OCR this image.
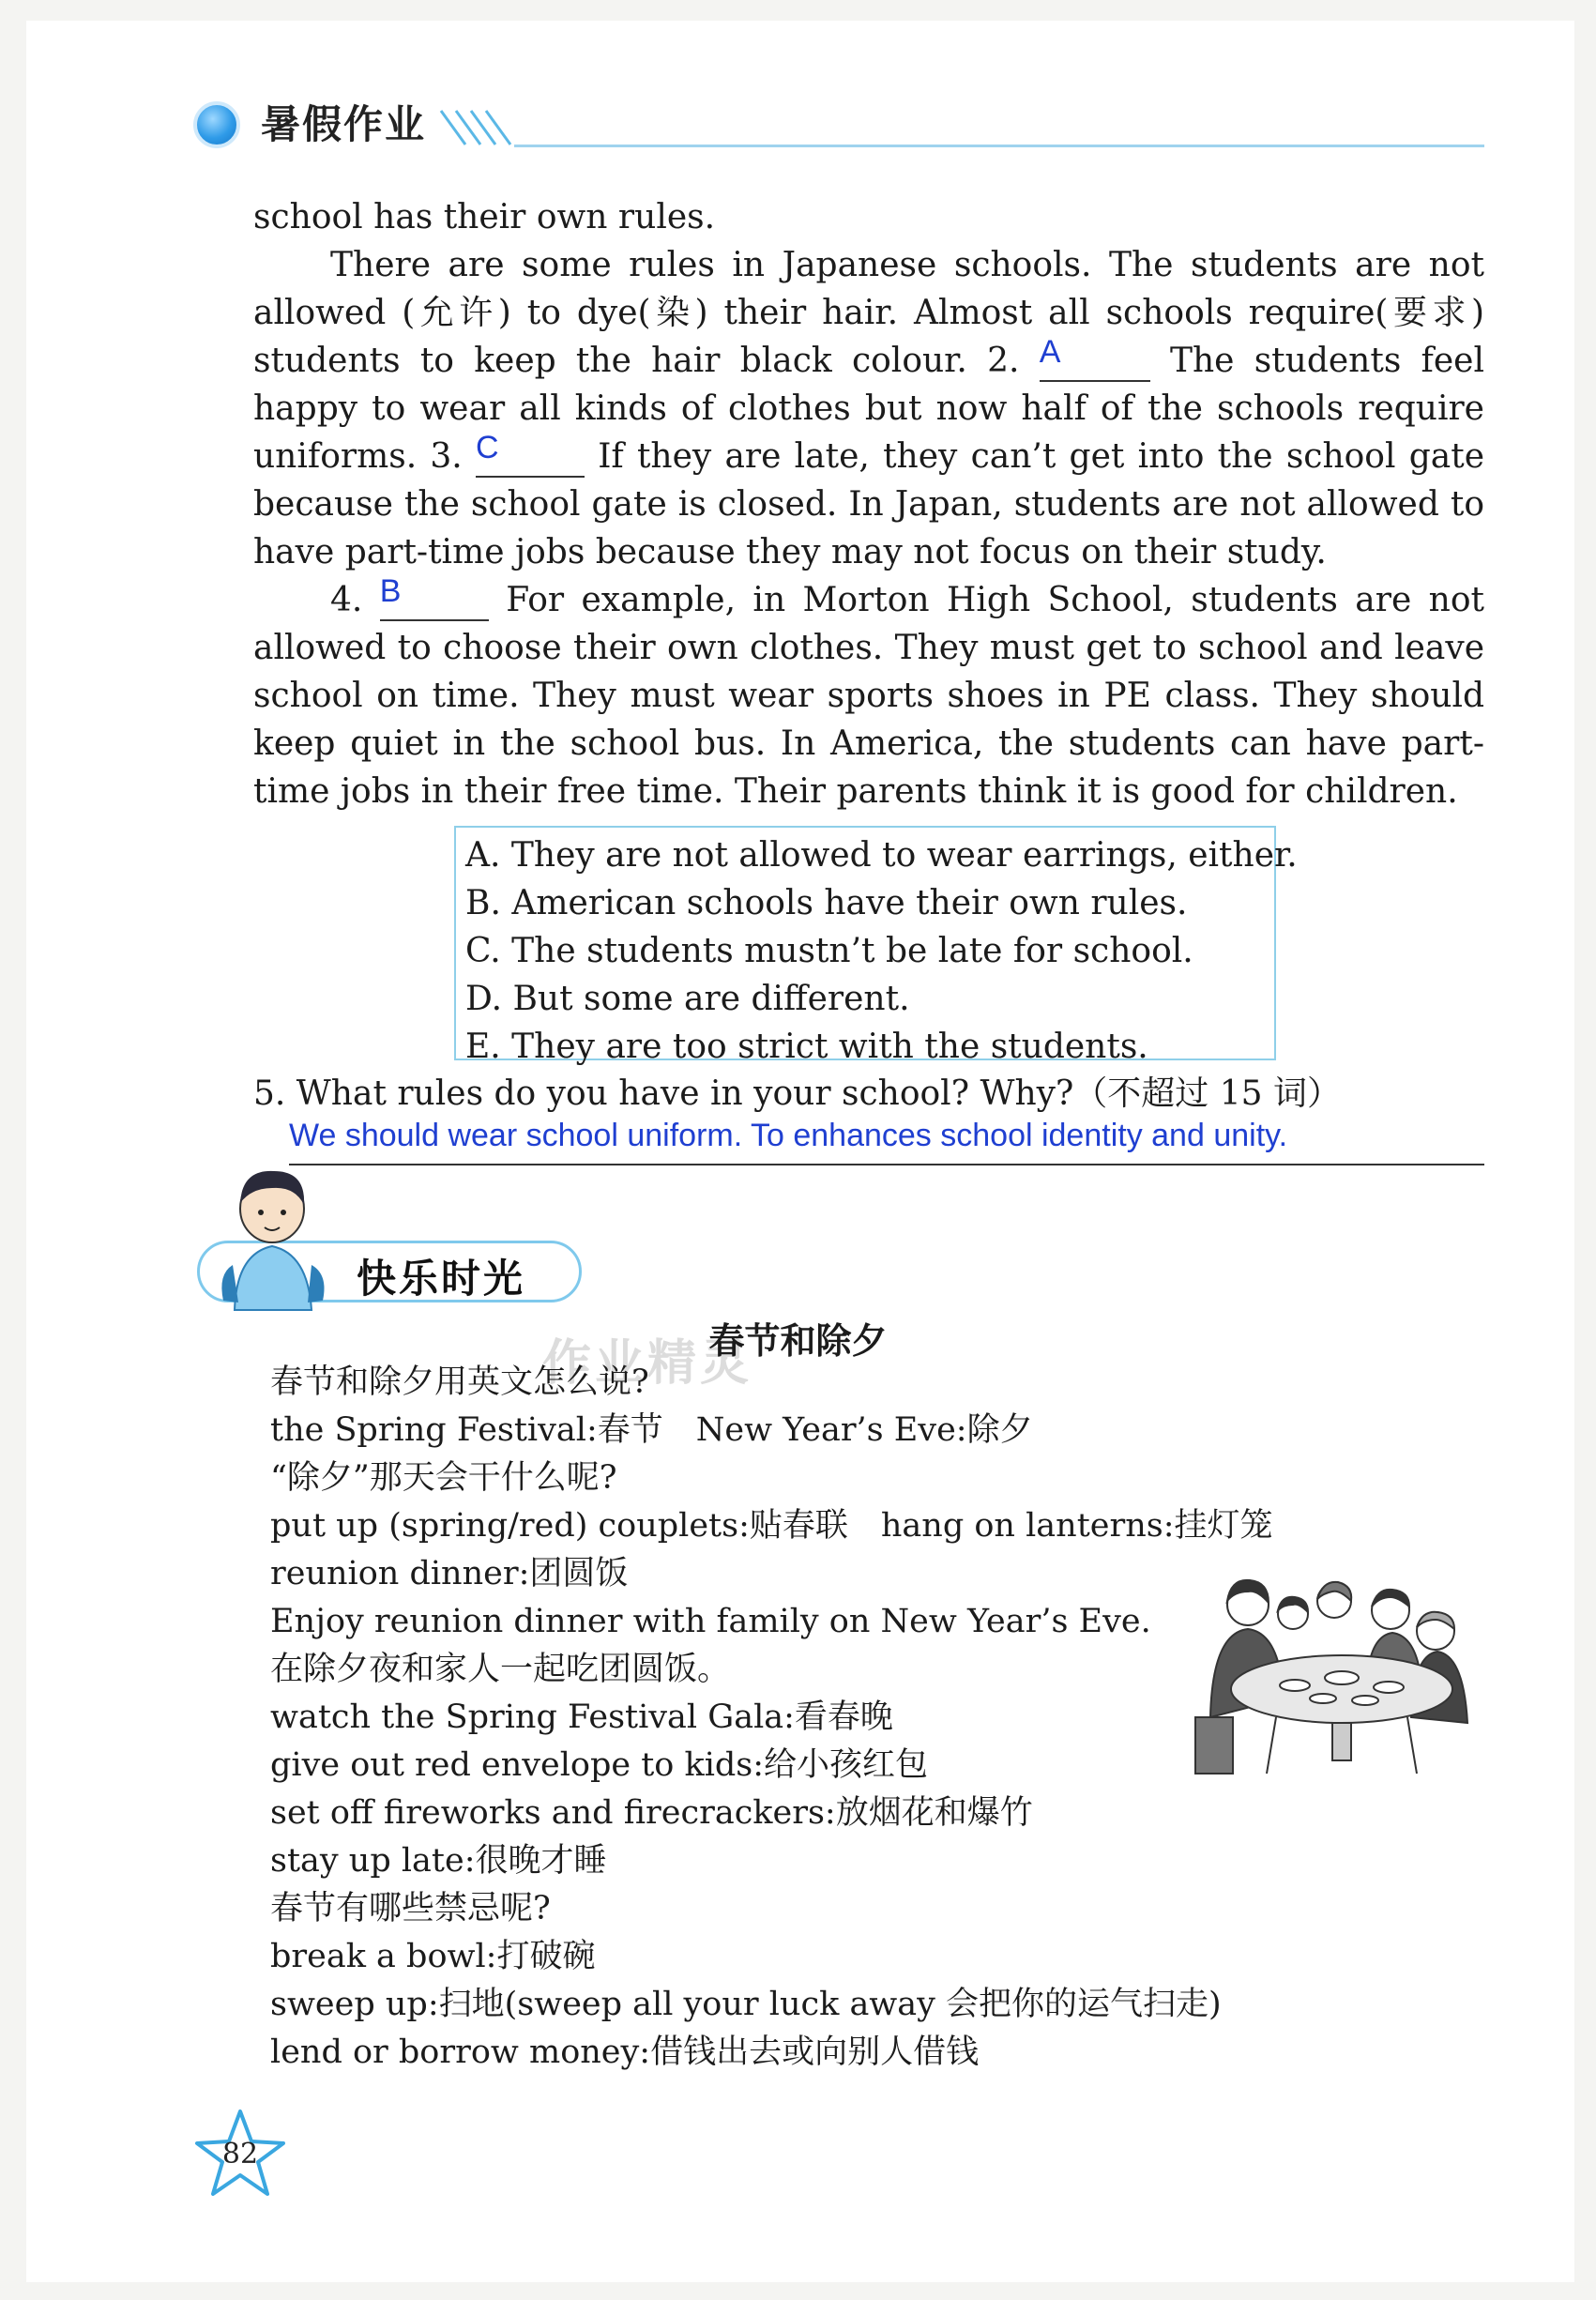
暑假作业

school has their own rules.

There are some rules in Japanese schools. The students are not allowed (允许) to dye(染) their hair. Almost all schools require(要求) students to keep the hair black colour. 2. A	The students feel happy to wear all kinds of clothes but now half of the schools require uniforms. 3. C	If they are late, they can’t get into the school gate because the school gate is closed. In Japan, students are not allowed to have part-time jobs because they may not focus on their study.

4. B	For example, in Morton High School, students are not allowed to choose their own clothes. They must get to school and leave school on time. They must wear sports shoes in PE class. They should keep quiet in the school bus. In America, the students can have part-time jobs in their free time. Their parents think it is good for children.

A. They are not allowed to wear earrings, either.
B. American schools have their own rules.
C. The students mustn’t be late for school.
D. But some are different.
E. They are too strict with the students.
5. What rules do you have in your school? Why?（不超过 15 词）
We should wear school uniform. To enhances school identity and unity.
快乐时光
作业精灵
春节和除夕
春节和除夕用英文怎么说?
the Spring Festival:春节　New Year’s Eve:除夕
“除夕”那天会干什么呢?
put up (spring/red) couplets:贴春联　hang on lanterns:挂灯笼
reunion dinner:团圆饭
Enjoy reunion dinner with family on New Year’s Eve.
在除夕夜和家人一起吃团圆饭。
watch the Spring Festival Gala:看春晚
give out red envelope to kids:给小孩红包
set off fireworks and firecrackers:放烟花和爆竹
stay up late:很晚才睡
春节有哪些禁忌呢?
break a bowl:打破碗
sweep up:扫地(sweep all your luck away 会把你的运气扫走)
lend or borrow money:借钱出去或向别人借钱
82
